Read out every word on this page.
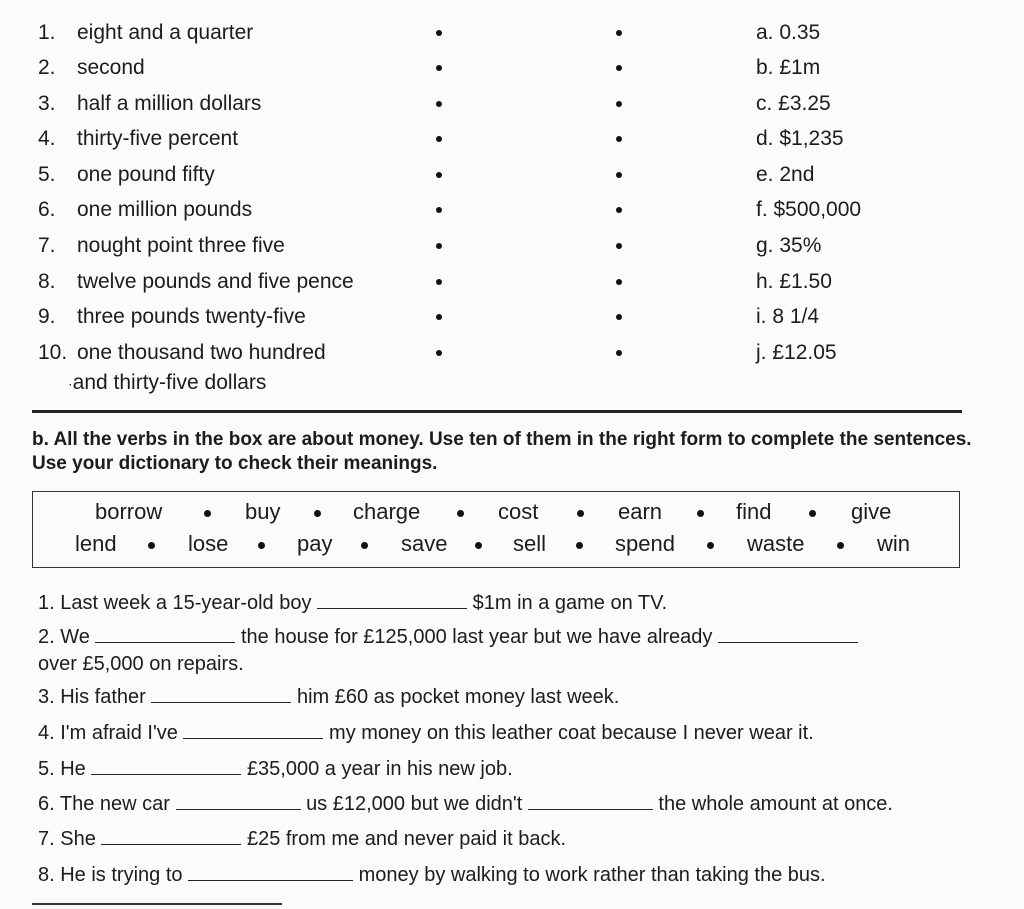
1. eight and a quarter	a. 0.35
2. second	b. £1m
3. half a million dollars	c. £3.25
4. thirty-five percent	d. $1,235
5. one pound fifty	e. 2nd
6. one million pounds	f. $500,000
7. nought point three five	g. 35%
8. twelve pounds and five pence	h. £1.50
9. three pounds twenty-five	i. 8 1/4
10. one thousand two hundred	j. £12.05
·and thirty-five dollars
b. All the verbs in the box are about money. Use ten of them in the right form to complete the sentences. Use your dictionary to check their meanings.
borrow	buy	charge	cost	earn	find	give
lend	lose	pay	save	sell	spend	waste	win
1. Last week a 15-year-old boy	$1m in a game on TV.
2. We	the house for £125,000 last year but we have already
over £5,000 on repairs.
3. His father	him £60 as pocket money last week.
4. I'm afraid I've	my money on this leather coat because I never wear it.
5. He	£35,000 a year in his new job.
6. The new car	us £12,000 but we didn't	the whole amount at once.
7. She	£25 from me and never paid it back.
8. He is trying to	money by walking to work rather than taking the bus.
